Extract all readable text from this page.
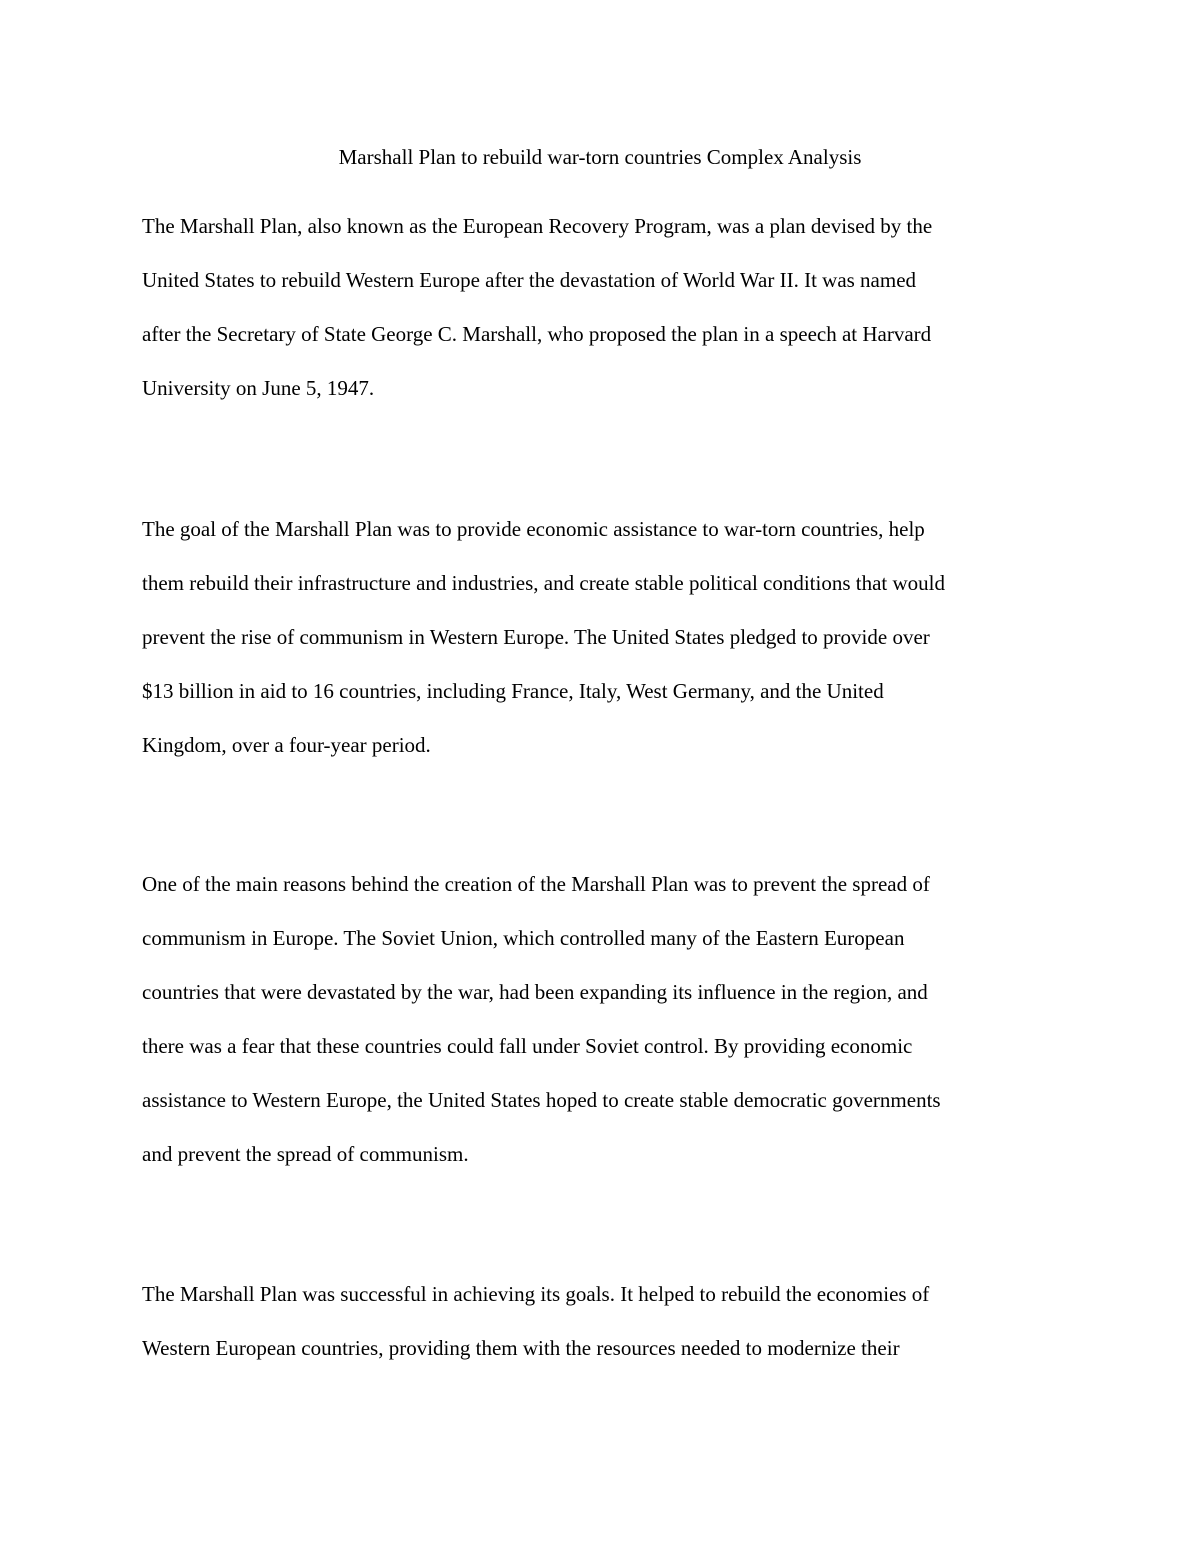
Marshall Plan to rebuild war-torn countries Complex Analysis

The Marshall Plan, also known as the European Recovery Program, was a plan devised by the

United States to rebuild Western Europe after the devastation of World War II. It was named

after the Secretary of State George C. Marshall, who proposed the plan in a speech at Harvard

University on June 5, 1947.

The goal of the Marshall Plan was to provide economic assistance to war-torn countries, help

them rebuild their infrastructure and industries, and create stable political conditions that would

prevent the rise of communism in Western Europe. The United States pledged to provide over

$13 billion in aid to 16 countries, including France, Italy, West Germany, and the United

Kingdom, over a four-year period.

One of the main reasons behind the creation of the Marshall Plan was to prevent the spread of

communism in Europe. The Soviet Union, which controlled many of the Eastern European

countries that were devastated by the war, had been expanding its influence in the region, and

there was a fear that these countries could fall under Soviet control. By providing economic

assistance to Western Europe, the United States hoped to create stable democratic governments

and prevent the spread of communism.

The Marshall Plan was successful in achieving its goals. It helped to rebuild the economies of

Western European countries, providing them with the resources needed to modernize their
